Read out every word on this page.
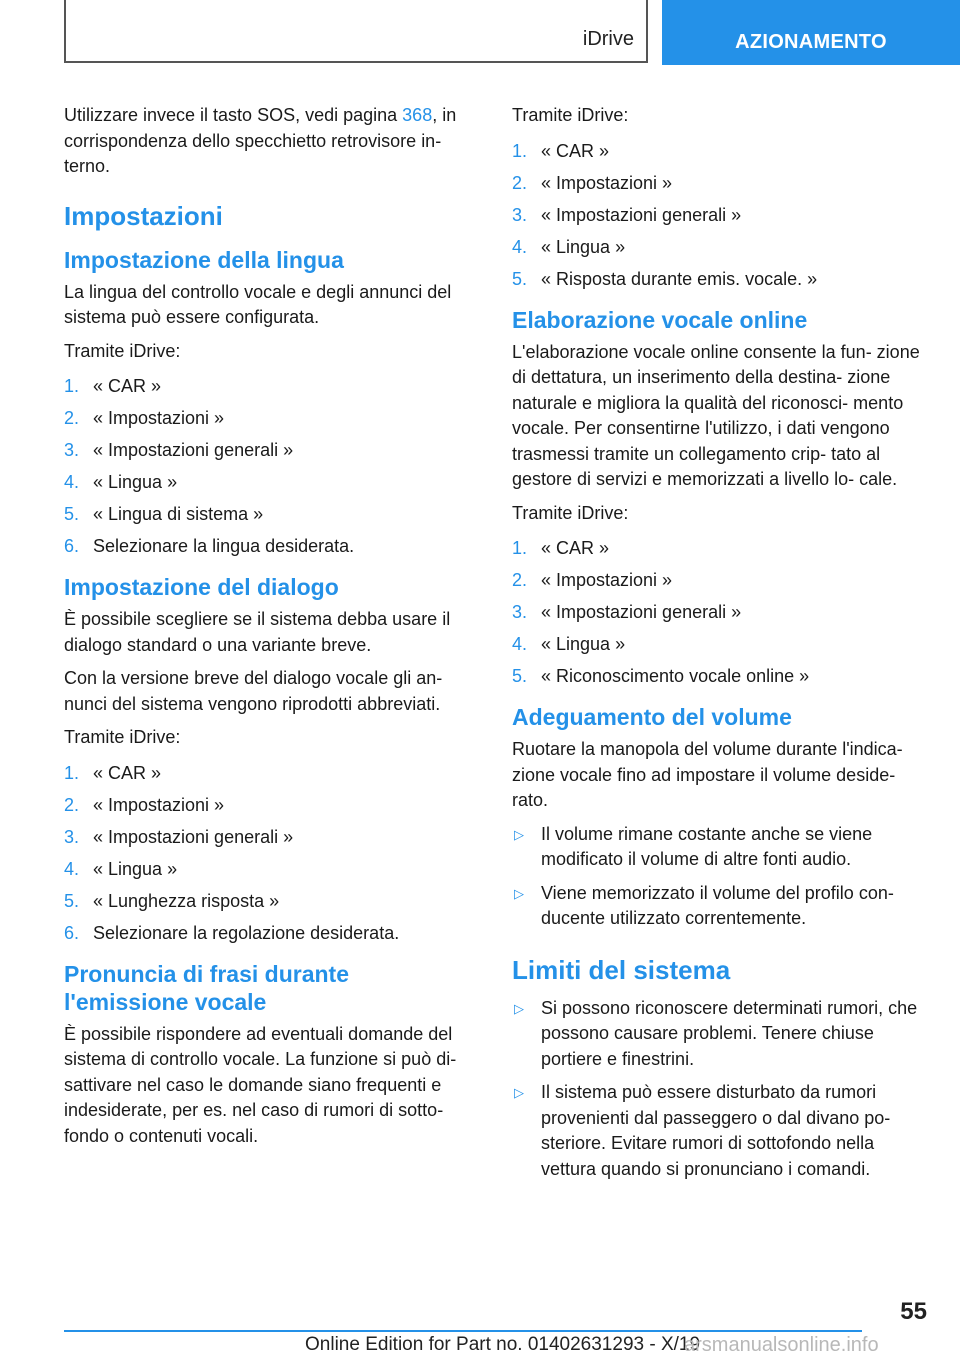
iDrive	AZIONAMENTO

Utilizzare invece il tasto SOS, vedi pagina 368, in corrispondenza dello specchietto retrovisore in- terno.

Impostazioni
Impostazione della lingua

La lingua del controllo vocale e degli annunci del sistema può essere configurata.

Tramite iDrive:

1. « CAR »
2. « Impostazioni »
3. « Impostazioni generali »
4. « Lingua »
5. « Lingua di sistema »
6. Selezionare la lingua desiderata.
Impostazione del dialogo

È possibile scegliere se il sistema debba usare il dialogo standard o una variante breve.

Con la versione breve del dialogo vocale gli an- nunci del sistema vengono riprodotti abbreviati.

Tramite iDrive:

1. « CAR »
2. « Impostazioni »
3. « Impostazioni generali »
4. « Lingua »
5. « Lunghezza risposta »
6. Selezionare la regolazione desiderata.
Pronuncia di frasi durante l'emissione vocale

È possibile rispondere ad eventuali domande del sistema di controllo vocale. La funzione si può di- sattivare nel caso le domande siano frequenti e indesiderate, per es. nel caso di rumori di sotto- fondo o contenuti vocali.

Tramite iDrive:

1. « CAR »
2. « Impostazioni »
3. « Impostazioni generali »
4. « Lingua »
5. « Risposta durante emis. vocale. »
Elaborazione vocale online

L'elaborazione vocale online consente la fun- zione di dettatura, un inserimento della destina- zione naturale e migliora la qualità del riconosci- mento vocale. Per consentirne l'utilizzo, i dati vengono trasmessi tramite un collegamento crip- tato al gestore di servizi e memorizzati a livello lo- cale.

Tramite iDrive:

1. « CAR »
2. « Impostazioni »
3. « Impostazioni generali »
4. « Lingua »
5. « Riconoscimento vocale online »
Adeguamento del volume

Ruotare la manopola del volume durante l'indica- zione vocale fino ad impostare il volume deside- rato.

▷ Il volume rimane costante anche se viene modificato il volume di altre fonti audio.
▷ Viene memorizzato il volume del profilo con- ducente utilizzato correntemente.
Limiti del sistema
▷ Si possono riconoscere determinati rumori, che possono causare problemi. Tenere chiuse portiere e finestrini.
▷ Il sistema può essere disturbato da rumori provenienti dal passeggero o dal divano po- steriore. Evitare rumori di sottofondo nella vettura quando si pronunciano i comandi.
55
Online Edition for Part no. 01402631293 - X/19
arsmanualsonline.info
